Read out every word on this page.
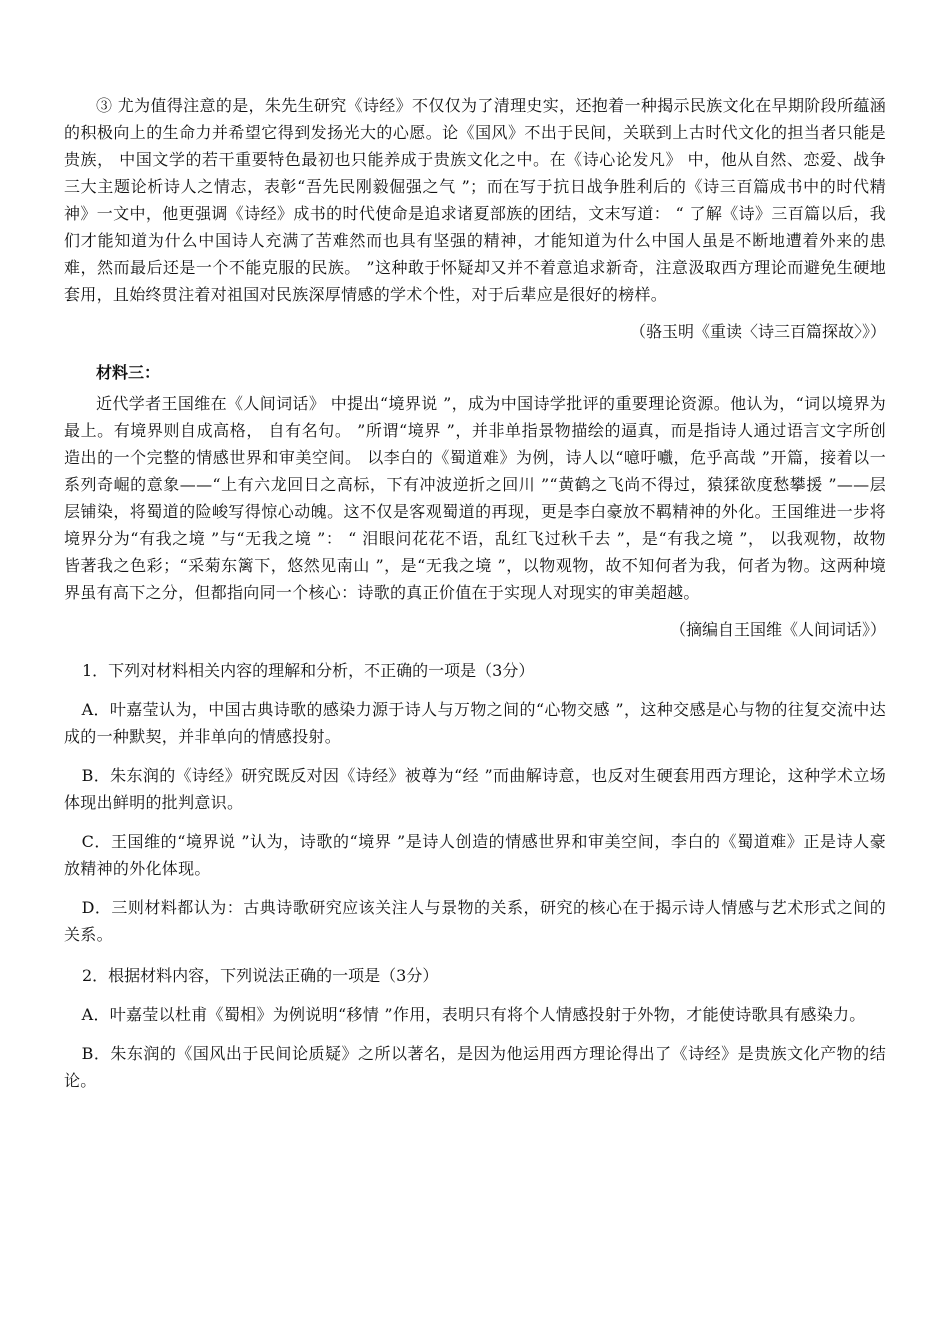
③ 尤为值得注意的是，朱先生研究《诗经》不仅仅为了清理史实，还抱着一种揭示民族文化在早期阶段所蕴涵的积极向上的生命力并希望它得到发扬光大的心愿。论《国风》不出于民间，关联到上古时代文化的担当者只能是贵族， 中国文学的若干重要特色最初也只能养成于贵族文化之中。在《诗心论发凡》 中，他从自然、恋爱、战争三大主题论析诗人之情志，表彰“吾先民刚毅倔强之气 ”；而在写于抗日战争胜利后的《诗三百篇成书中的时代精神》一文中，他更强调《诗经》成书的时代使命是追求诸夏部族的团结，文末写道： “ 了解《诗》三百篇以后，我们才能知道为什么中国诗人充满了苦难然而也具有坚强的精神，才能知道为什么中国人虽是不断地遭着外来的患难，然而最后还是一个不能克服的民族。 ”这种敢于怀疑却又并不着意追求新奇，注意汲取西方理论而避免生硬地套用，且始终贯注着对祖国对民族深厚情感的学术个性，对于后辈应是很好的榜样。

（骆玉明《重读〈诗三百篇探故〉》）

材料三：

近代学者王国维在《人间词话》 中提出“境界说 ”，成为中国诗学批评的重要理论资源。他认为，“词以境界为最上。有境界则自成高格， 自有名句。 ”所谓“境界 ”，并非单指景物描绘的逼真，而是指诗人通过语言文字所创造出的一个完整的情感世界和审美空间。 以李白的《蜀道难》为例，诗人以“噫吁嚱，危乎高哉 ”开篇，接着以一系列奇崛的意象——“上有六龙回日之高标，下有冲波逆折之回川 ”“黄鹤之飞尚不得过，猿猱欲度愁攀援 ”——层层铺染，将蜀道的险峻写得惊心动魄。这不仅是客观蜀道的再现，更是李白豪放不羁精神的外化。王国维进一步将境界分为“有我之境 ”与“无我之境 ”： “ 泪眼问花花不语，乱红飞过秋千去 ”，是“有我之境 ”， 以我观物，故物皆著我之色彩；“采菊东篱下，悠然见南山 ”，是“无我之境 ”，以物观物，故不知何者为我，何者为物。这两种境界虽有高下之分，但都指向同一个核心：诗歌的真正价值在于实现人对现实的审美超越。

（摘编自王国维《人间词话》）

1．下列对材料相关内容的理解和分析，不正确的一项是（3分）

A．叶嘉莹认为，中国古典诗歌的感染力源于诗人与万物之间的“心物交感 ”，这种交感是心与物的往复交流中达成的一种默契，并非单向的情感投射。

B．朱东润的《诗经》研究既反对因《诗经》被尊为“经 ”而曲解诗意，也反对生硬套用西方理论，这种学术立场体现出鲜明的批判意识。

C．王国维的“境界说 ”认为，诗歌的“境界 ”是诗人创造的情感世界和审美空间，李白的《蜀道难》正是诗人豪放精神的外化体现。

D．三则材料都认为：古典诗歌研究应该关注人与景物的关系，研究的核心在于揭示诗人情感与艺术形式之间的关系。

2．根据材料内容，下列说法正确的一项是（3分）

A．叶嘉莹以杜甫《蜀相》为例说明“移情 ”作用，表明只有将个人情感投射于外物，才能使诗歌具有感染力。

B．朱东润的《国风出于民间论质疑》之所以著名，是因为他运用西方理论得出了《诗经》是贵族文化产物的结论。
